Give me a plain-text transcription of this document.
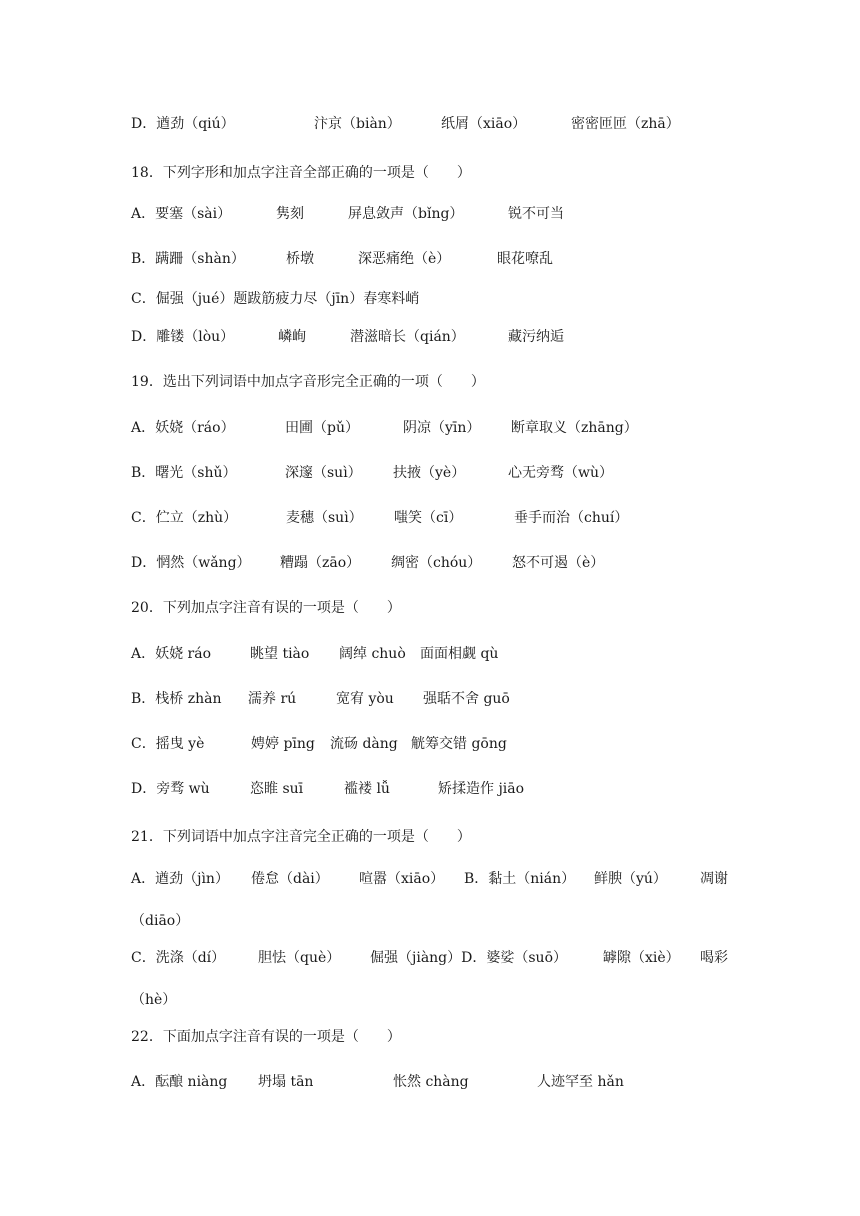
D．遒劲（qiú）	汴京（biàn）	纸屑（xiāo）	密密匝匝（zhā）
18．下列字形和加点字注音全部正确的一项是（　　）
A．要塞（sài）	隽刻	屏息敛声（bǐng）	锐不可当
B．蹒跚（shàn）	桥墩	深恶痛绝（è）	眼花嘹乱
C．倔强（jué）题跋筋疲力尽（jīn）春寒料峭
D．雕镂（lòu）	嶙峋	潜滋暗长（qián）	藏污纳逅
19．选出下列词语中加点字音形完全正确的一项（　　）
A．妖娆（ráo）	田圃（pǔ）	阴凉（yīn） 断章取义（zhāng）
B．曙光（shǔ）	深邃（suì） 扶掖（yè）	心无旁骛（wù）
C．伫立（zhù）	麦穗（suì） 嗤笑（cī）	垂手而治（chuí）
D．惘然（wǎng） 糟蹋（zāo） 绸密（chóu） 怒不可遏（è）
20．下列加点字注音有误的一项是（　　）
A．妖娆 ráo	眺望 tiào 阔绰 chuò 面面相觑 qù
B．栈桥 zhàn 濡养 rú	宽宥 yòu 强聒不舍 guō
C．摇曳 yè	娉婷 pīng 流砀 dàng 觥筹交错 gōng
D．旁骛 wù	恣睢 suī	褴褛 lǚ	矫揉造作 jiāo
21．下列词语中加点字注音完全正确的一项是（　　）
A．遒劲（jìn） 倦怠（dài） 喧嚣（xiāo） B．黏土（nián） 鲜腴（yú） 凋谢
（diāo）
C．洗涤（dí） 胆怯（què） 倔强（jiàng）D．婆娑（suō）	罅隙（xiè） 喝彩
（hè）
22．下面加点字注音有误的一项是（　　）
A．酝酿 niàng 坍塌 tān	怅然 chàng	人迹罕至 hǎn
